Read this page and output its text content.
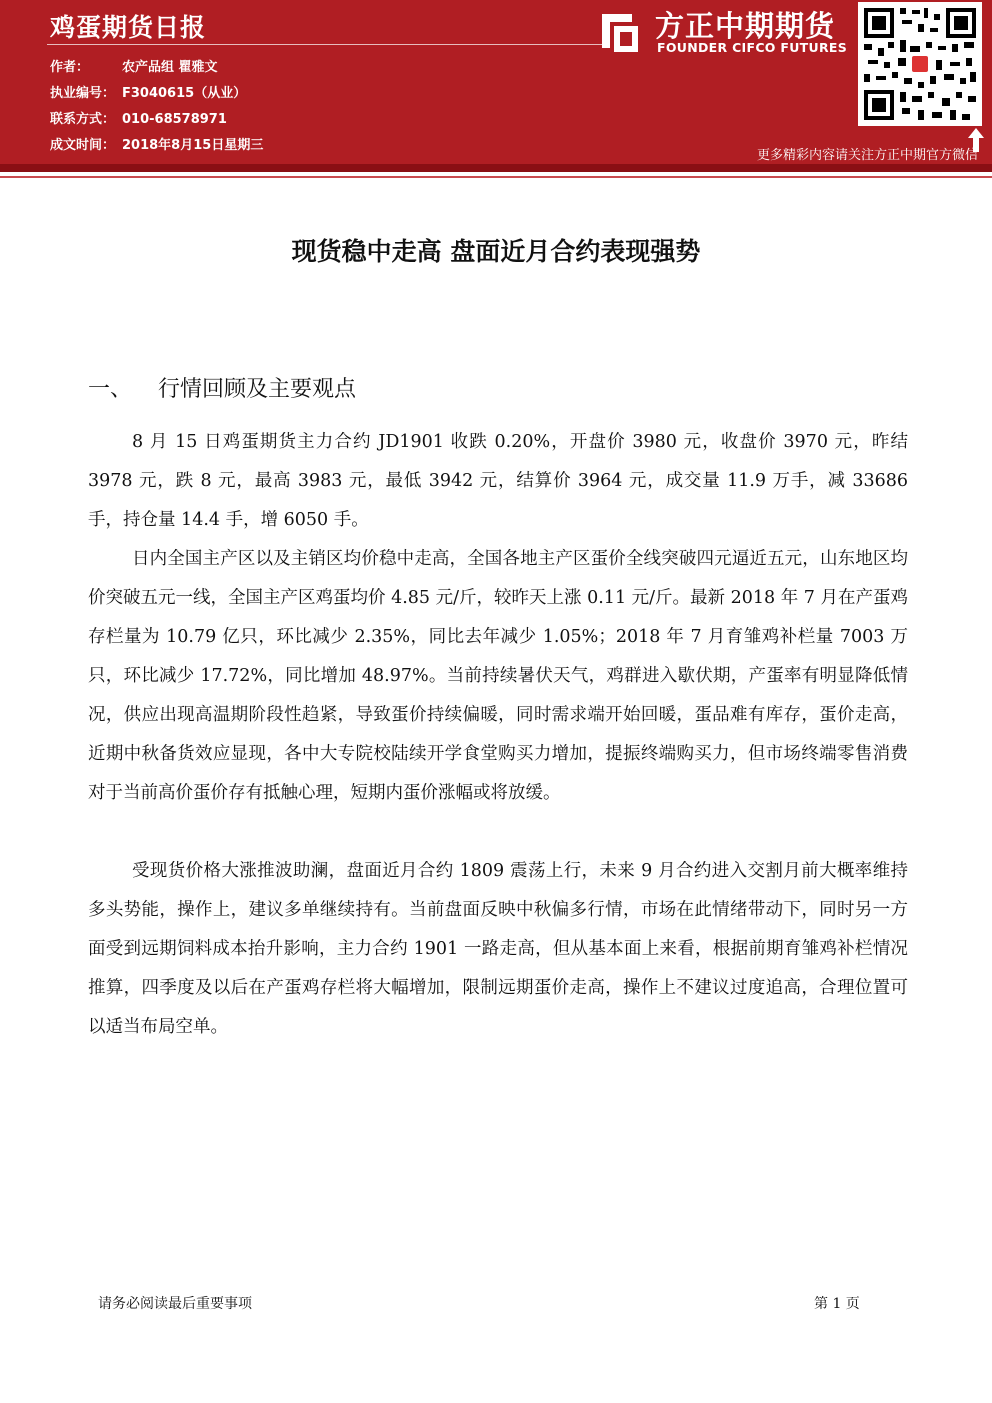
鸡蛋期货日报
作者：	农产品组 瞿雅文
执业编号： F3040615（从业）
联系方式： 010-68578971
成文时间： 2018年8月15日星期三
方正中期期货
FOUNDER CIFCO FUTURES
更多精彩内容请关注方正中期官方微信
现货稳中走高 盘面近月合约表现强势
一、 行情回顾及主要观点

8 月 15 日鸡蛋期货主力合约 JD1901 收跌 0.20%，开盘价 3980 元，收盘价 3970 元，昨结 3978 元，跌 8 元，最高 3983 元，最低 3942 元，结算价 3964 元，成交量 11.9 万手，减 33686 手，持仓量 14.4 手，增 6050 手。

日内全国主产区以及主销区均价稳中走高，全国各地主产区蛋价全线突破四元逼近五元，山东地区均价突破五元一线，全国主产区鸡蛋均价 4.85 元/斤，较昨天上涨 0.11 元/斤。最新 2018 年 7 月在产蛋鸡存栏量为 10.79 亿只，环比减少 2.35%，同比去年减少 1.05%；2018 年 7 月育雏鸡补栏量 7003 万只，环比减少 17.72%，同比增加 48.97%。当前持续暑伏天气，鸡群进入歇伏期，产蛋率有明显降低情况，供应出现高温期阶段性趋紧，导致蛋价持续偏暖，同时需求端开始回暖，蛋品难有库存，蛋价走高，近期中秋备货效应显现，各中大专院校陆续开学食堂购买力增加，提振终端购买力，但市场终端零售消费对于当前高价蛋价存有抵触心理，短期内蛋价涨幅或将放缓。

受现货价格大涨推波助澜，盘面近月合约 1809 震荡上行，未来 9 月合约进入交割月前大概率维持多头势能，操作上，建议多单继续持有。当前盘面反映中秋偏多行情，市场在此情绪带动下，同时另一方面受到远期饲料成本抬升影响，主力合约 1901 一路走高，但从基本面上来看，根据前期育雏鸡补栏情况推算，四季度及以后在产蛋鸡存栏将大幅增加，限制远期蛋价走高，操作上不建议过度追高，合理位置可以适当布局空单。

请务必阅读最后重要事项	第 1 页
